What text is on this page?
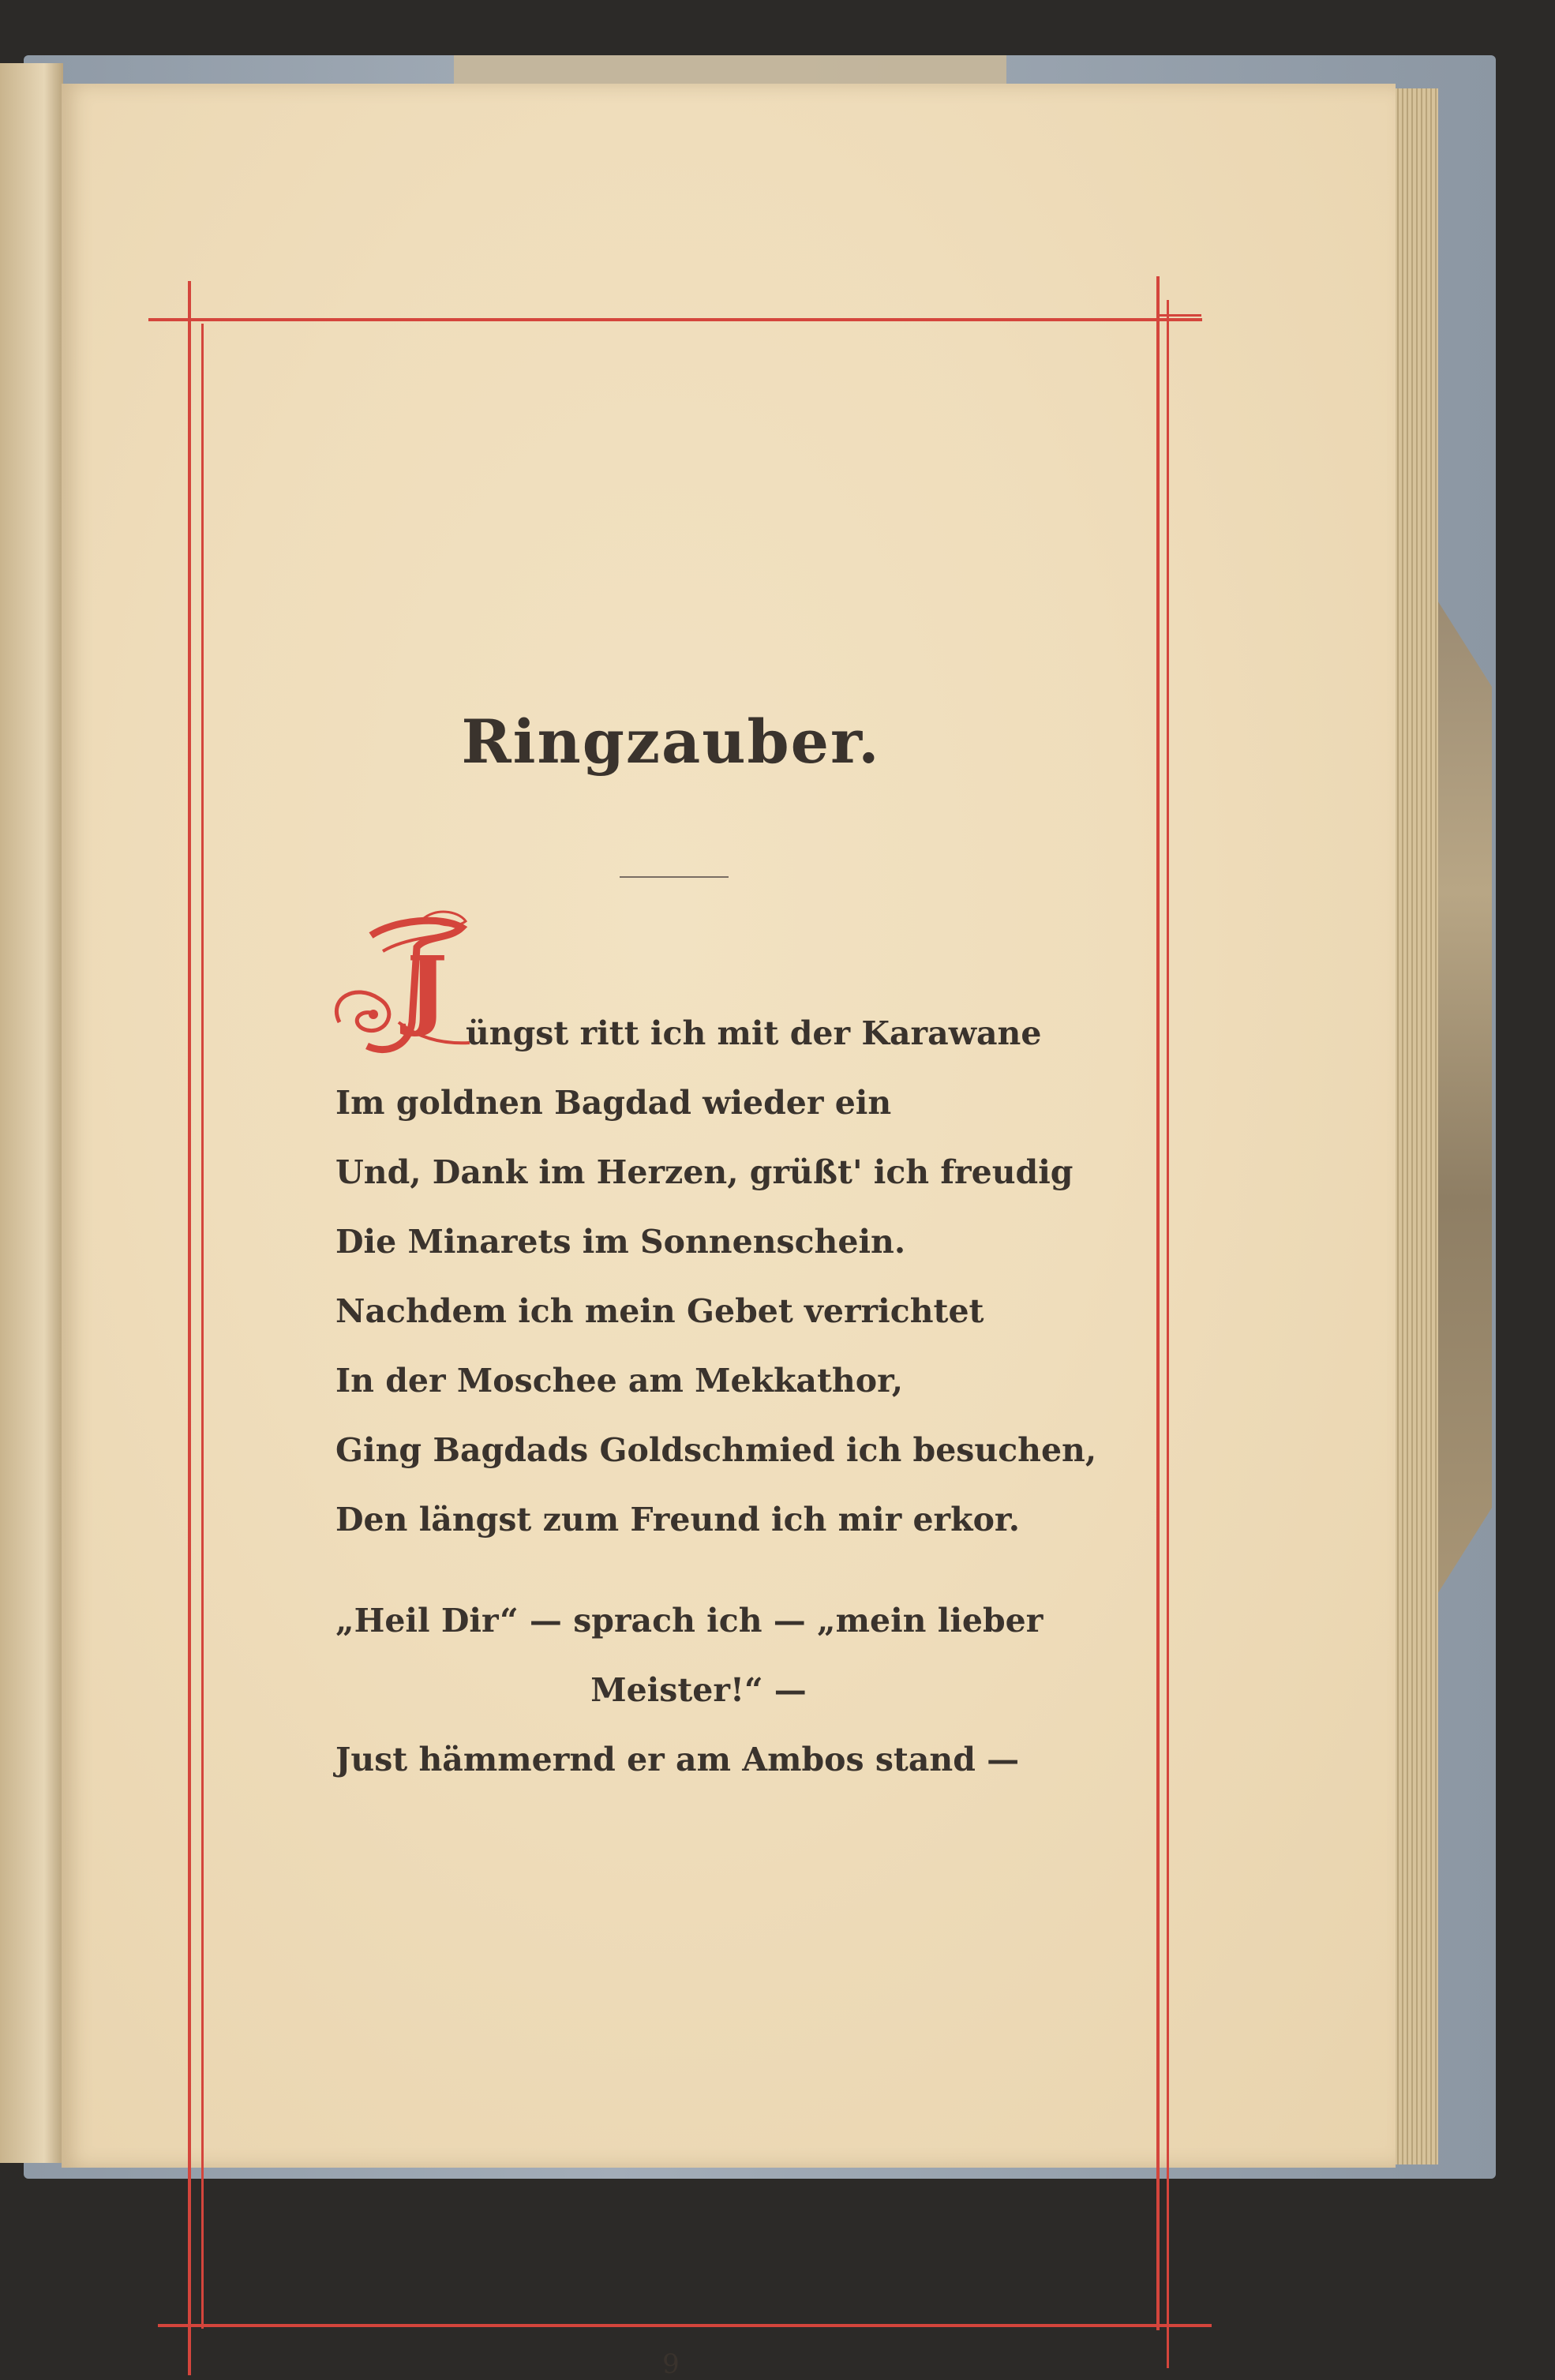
Ringzauber.
J üngst ritt ich mit der Karawane
Im goldnen Bagdad wieder ein
Und, Dank im Herzen, grüßt' ich freudig
Die Minarets im Sonnenschein.
Nachdem ich mein Gebet verrichtet
In der Moschee am Mekkathor,
Ging Bagdads Goldschmied ich besuchen,
Den längst zum Freund ich mir erkor.
„Heil Dir“ — sprach ich — „mein lieber
Meister!“ —
Just hämmernd er am Ambos stand —
9
